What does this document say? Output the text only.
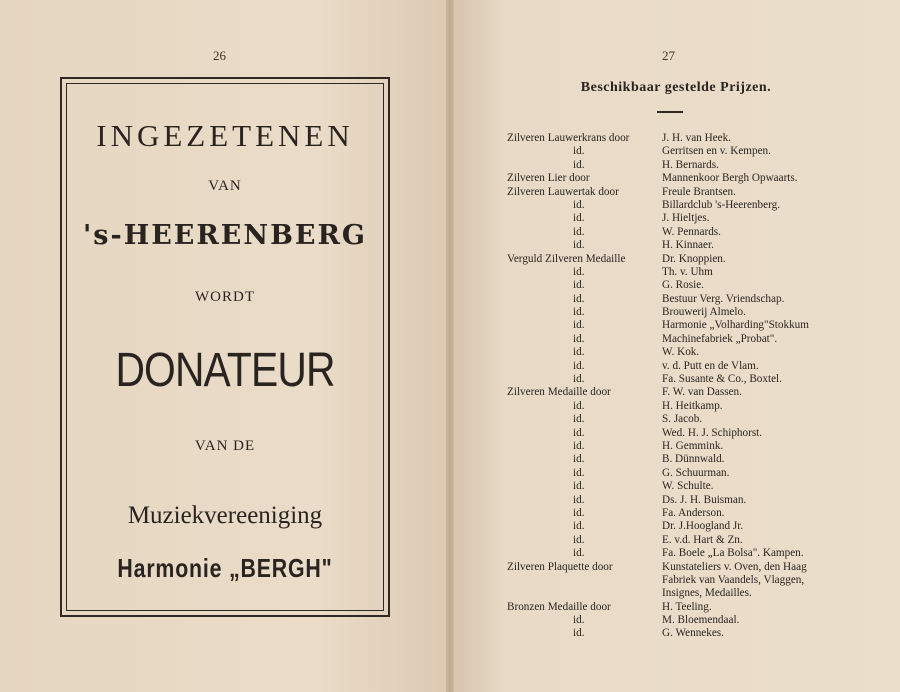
26	27
INGEZETENEN
VAN
's-HEERENBERG
WORDT
DONATEUR
VAN DE
Muziekvereeniging
Harmonie „BERGH"
Beschikbaar gestelde Prijzen.
Zilveren Lauwerkrans door	J. H. van Heek.
id.	Gerritsen en v. Kempen.
id.	H. Bernards.
Zilveren Lier door	Mannenkoor Bergh Opwaarts.
Zilveren Lauwertak door	Freule Brantsen.
id.	Billardclub 's-Heerenberg.
id.	J. Hieltjes.
id.	W. Pennards.
id.	H. Kinnaer.
Verguld Zilveren Medaille	Dr. Knoppien.
id.	Th. v. Uhm
id.	G. Rosie.
id.	Bestuur Verg. Vriendschap.
id.	Brouwerij Almelo.
id.	Harmonie „Volharding"Stokkum
id.	Machinefabriek „Probat".
id.	W. Kok.
id.	v. d. Putt en de Vlam.
id.	Fa. Susante & Co., Boxtel.
Zilveren Medaille door	F. W. van Dassen.
id.	H. Heitkamp.
id.	S. Jacob.
id.	Wed. H. J. Schiphorst.
id.	H. Gemmink.
id.	B. Dünnwald.
id.	G. Schuurman.
id.	W. Schulte.
id.	Ds. J. H. Buisman.
id.	Fa. Anderson.
id.	Dr. J.Hoogland Jr.
id.	E. v.d. Hart & Zn.
id.	Fa. Boele „La Bolsa". Kampen.
Zilveren Plaquette door	Kunstateliers v. Oven, den Haag
Fabriek van Vaandels, Vlaggen,
Insignes, Medailles.
Bronzen Medaille door	H. Teeling.
id.	M. Bloemendaal.
id.	G. Wennekes.
